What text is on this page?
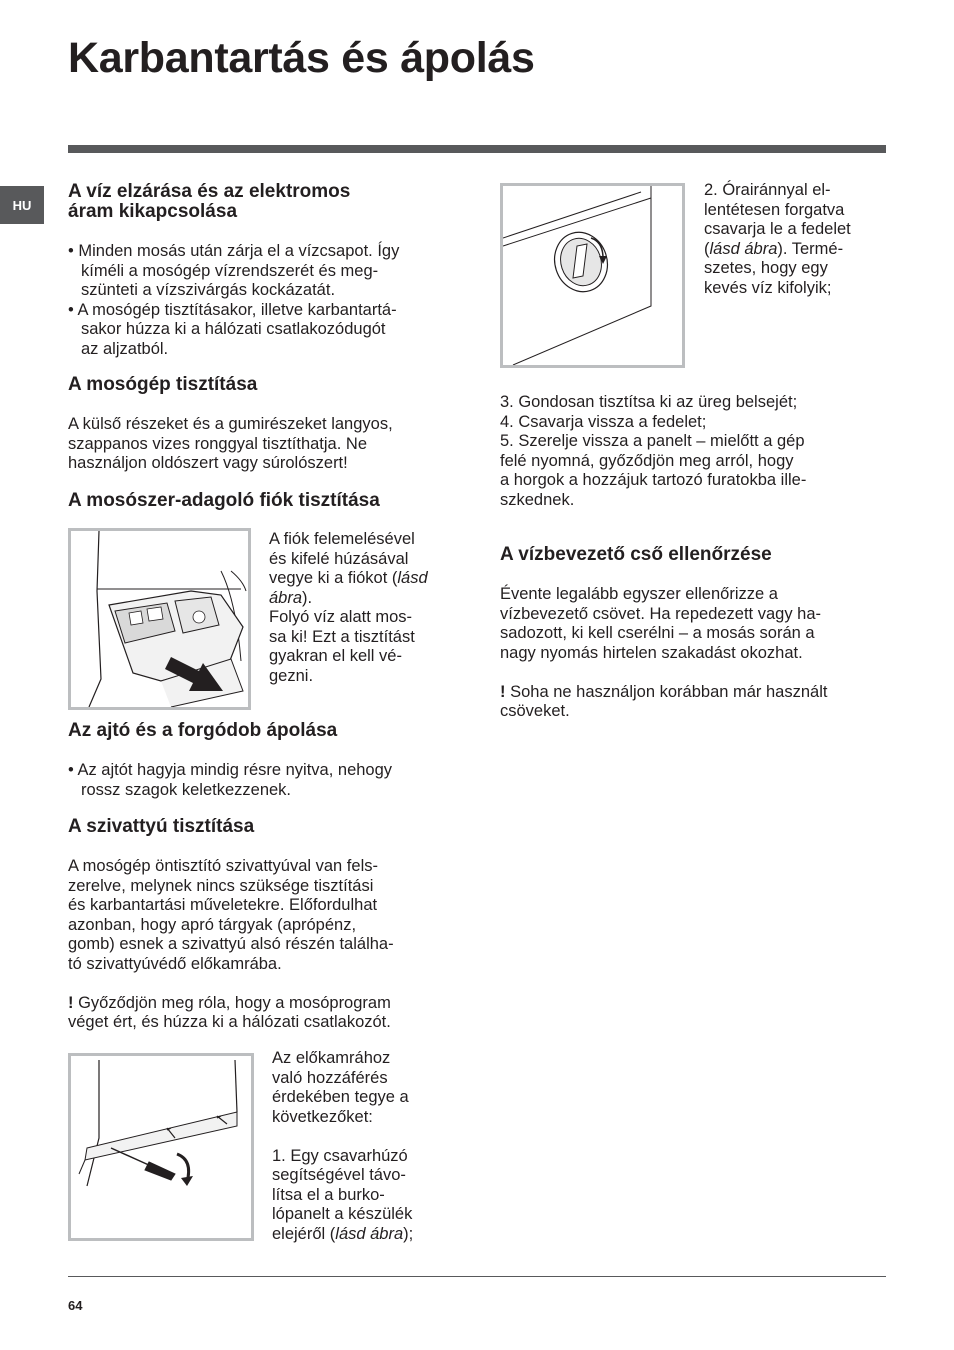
Karbantartás és ápolás
HU
A víz elzárása és az elektromos
áram kikapcsolása

• Minden mosás után zárja el a vízcsapot. Így
kíméli a mosógép vízrendszerét és meg-
szünteti a vízszivárgás kockázatát.

• A mosógép tisztításakor, illetve karbantartá-
sakor húzza ki a hálózati csatlakozódugót
az aljzatból.

A mosógép tisztítása

A külső részeket és a gumirészeket langyos,
szappanos vizes ronggyal tisztíthatja. Ne
használjon oldószert vagy súrolószert!

A mosószer-adagoló fiók tisztítása

A fiók felemelésével
és kifelé húzásával
vegye ki a fiókot (lásd
ábra).
Folyó víz alatt mos-
sa ki! Ezt a tisztítást
gyakran el kell vé-
gezni.

Az ajtó és a forgódob ápolása

• Az ajtót hagyja mindig résre nyitva, nehogy
rossz szagok keletkezzenek.

A szivattyú tisztítása

A mosógép öntisztító szivattyúval van fels-
zerelve, melynek nincs szüksége tisztítási
és karbantartási műveletekre. Előfordulhat
azonban, hogy apró tárgyak (aprópénz,
gomb) esnek a szivattyú alsó részén találha-
tó szivattyúvédő előkamrába.

! Győződjön meg róla, hogy a mosóprogram
véget ért, és húzza ki a hálózati csatlakozót.

Az előkamrához
való hozzáférés
érdekében tegye a
következőket:

1. Egy csavarhúzó
segítségével távo-
lítsa el a burko-
lópanelt a készülék
elejéről (lásd ábra);

2. Órairánnyal el-
lentétesen forgatva
csavarja le a fedelet
(lásd ábra). Termé-
szetes, hogy egy
kevés víz kifolyik;

3. Gondosan tisztítsa ki az üreg belsejét;
4. Csavarja vissza a fedelet;
5. Szerelje vissza a panelt – mielőtt a gép
felé nyomná, győződjön meg arról, hogy
a horgok a hozzájuk tartozó furatokba ille-
szkednek.

A vízbevezető cső ellenőrzése

Évente legalább egyszer ellenőrizze a
vízbevezető csövet. Ha repedezett vagy ha-
sadozott, ki kell cserélni – a mosás során a
nagy nyomás hirtelen szakadást okozhat.

! Soha ne használjon korábban már használt
csöveket.

64
